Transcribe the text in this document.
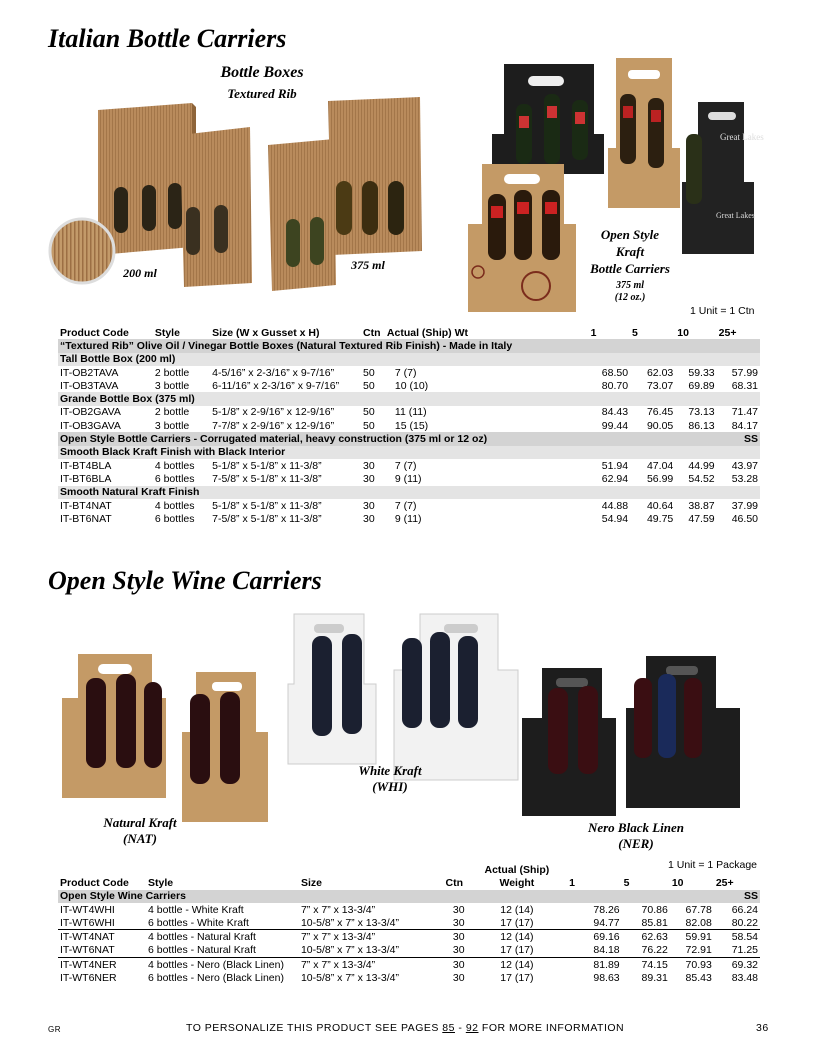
Italian Bottle Carriers
Bottle Boxes
Textured Rib
200 ml
375 ml
Great Lakes
Great Lakes
Open Style
Kraft
Bottle Carriers
375 ml
(12 oz.)
1 Unit = 1 Ctn
Product Code	Style	Size (W x Gusset x H)	Ctn	Actual (Ship) Wt	1	5	10	25+
“Textured Rib” Olive Oil / Vinegar Bottle Boxes (Natural Textured Rib Finish) - Made in Italy								
Tall Bottle Box (200 ml)								
IT-OB2TAVA	2 bottle	4-5/16” x 2-3/16” x 9-7/16”	50	7 (7)	68.50	62.03	59.33	57.99
IT-OB3TAVA	3 bottle	6-11/16” x 2-3/16” x 9-7/16”	50	10 (10)	80.70	73.07	69.89	68.31
Grande Bottle Box (375 ml)								
IT-OB2GAVA	2 bottle	5-1/8” x 2-9/16” x 12-9/16”	50	11 (11)	84.43	76.45	73.13	71.47
IT-OB3GAVA	3 bottle	7-7/8” x 2-9/16” x 12-9/16”	50	15 (15)	99.44	90.05	86.13	84.17
Open Style Bottle Carriers - Corrugated material, heavy construction (375 ml or 12 oz)								SS
Smooth Black Kraft Finish with Black Interior								
IT-BT4BLA	4 bottles	5-1/8” x 5-1/8” x 11-3/8”	30	7 (7)	51.94	47.04	44.99	43.97
IT-BT6BLA	6 bottles	7-5/8” x 5-1/8” x 11-3/8”	30	9 (11)	62.94	56.99	54.52	53.28
Smooth Natural Kraft Finish								
IT-BT4NAT	4 bottles	5-1/8” x 5-1/8” x 11-3/8”	30	7 (7)	44.88	40.64	38.87	37.99
IT-BT6NAT	6 bottles	7-5/8” x 5-1/8” x 11-3/8”	30	9 (11)	54.94	49.75	47.59	46.50
Open Style Wine Carriers
Natural Kraft
(NAT)
White Kraft
(WHI)
Nero Black Linen
(NER)
1 Unit = 1 Package
				Actual (Ship)				
Product Code	Style	Size	Ctn	Weight	1	5	10	25+
Open Style Wine Carriers								SS
IT-WT4WHI	4 bottle - White Kraft	7” x 7” x 13-3/4”	30	12 (14)	78.26	70.86	67.78	66.24
IT-WT6WHI	6 bottles - White Kraft	10-5/8” x 7” x 13-3/4”	30	17 (17)	94.77	85.81	82.08	80.22
IT-WT4NAT	4 bottles - Natural Kraft	7” x 7” x 13-3/4”	30	12 (14)	69.16	62.63	59.91	58.54
IT-WT6NAT	6 bottles - Natural Kraft	10-5/8” x 7” x 13-3/4”	30	17 (17)	84.18	76.22	72.91	71.25
IT-WT4NER	4 bottles - Nero (Black Linen)	7” x 7” x 13-3/4”	30	12 (14)	81.89	74.15	70.93	69.32
IT-WT6NER	6 bottles - Nero (Black Linen)	10-5/8” x 7” x 13-3/4”	30	17 (17)	98.63	89.31	85.43	83.48
GR	TO PERSONALIZE THIS PRODUCT SEE PAGES 85 - 92 FOR MORE INFORMATION	36
